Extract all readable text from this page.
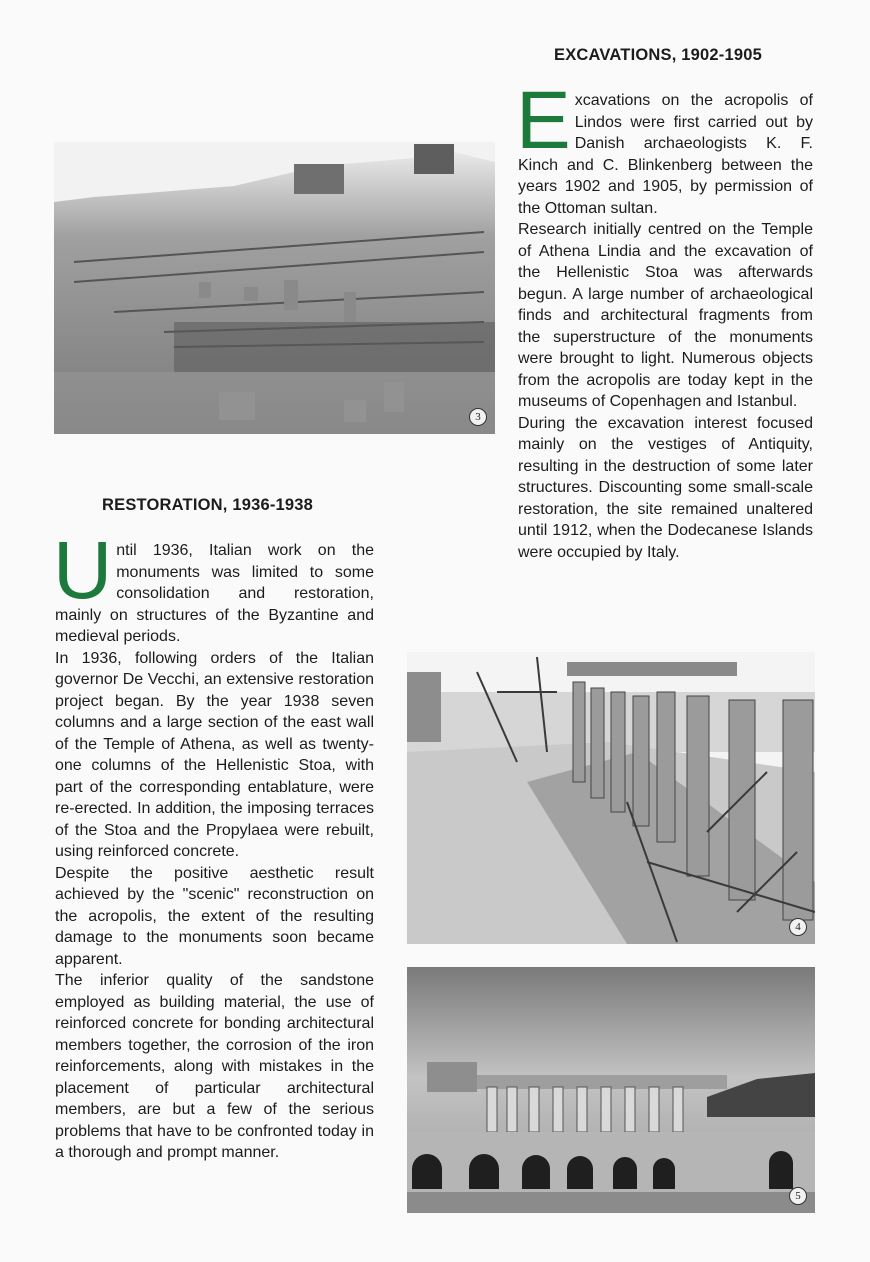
3
EXCAVATIONS, 1902-1905

Excavations on the acropolis of Lindos were first carried out by Danish archaeologists K. F. Kinch and C. Blinkenberg between the years 1902 and 1905, by permission of the Ottoman sultan.

Research initially centred on the Temple of Athena Lindia and the excavation of the Hellenistic Stoa was afterwards begun. A large number of archaeological finds and architectural fragments from the superstructure of the monuments were brought to light. Numerous objects from the acropolis are today kept in the museums of Copenhagen and Istanbul.

During the excavation interest focused mainly on the vestiges of Antiquity, resulting in the destruction of some later structures. Discounting some small-scale restoration, the site remained unaltered until 1912, when the Dodecanese Islands were occupied by Italy.

RESTORATION, 1936-1938

Until 1936, Italian work on the monuments was limited to some consolidation and restoration, mainly on structures of the Byzantine and medieval periods.

In 1936, following orders of the Italian governor De Vecchi, an extensive restoration project began. By the year 1938 seven columns and a large section of the east wall of the Temple of Athena, as well as twenty-one columns of the Hellenistic Stoa, with part of the corresponding entablature, were re-erected. In addition, the imposing terraces of the Stoa and the Propylaea were rebuilt, using reinforced concrete.

Despite the positive aesthetic result achieved by the "scenic" reconstruction on the acropolis, the extent of the resulting damage to the monuments soon became apparent.

The inferior quality of the sandstone employed as building material, the use of reinforced concrete for bonding architectural members together, the corrosion of the iron reinforcements, along with mistakes in the placement of particular architectural members, are but a few of the serious problems that have to be confronted today in a thorough and prompt manner.

4
5
